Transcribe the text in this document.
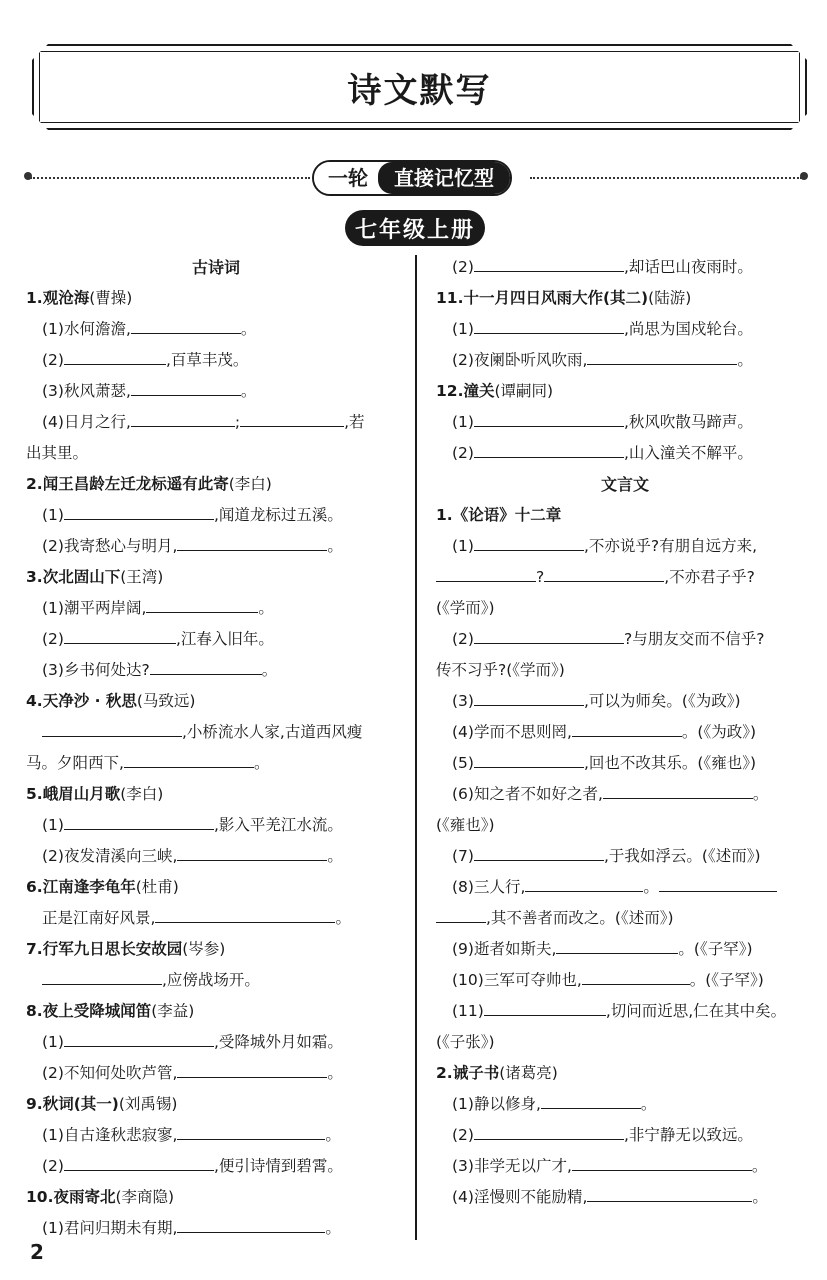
诗文默写
一轮	直接记忆型
七年级上册
古诗词
1.观沧海(曹操)
(1)水何澹澹,	。
(2)	,百草丰茂。
(3)秋风萧瑟,	。
(4)日月之行,	;	,若
出其里。
2.闻王昌龄左迁龙标遥有此寄(李白)
(1)	,闻道龙标过五溪。
(2)我寄愁心与明月,	。
3.次北固山下(王湾)
(1)潮平两岸阔,	。
(2)	,江春入旧年。
(3)乡书何处达?	。
4.天净沙 · 秋思(马致远)
,小桥流水人家,古道西风瘦
马。夕阳西下,	。
5.峨眉山月歌(李白)
(1)	,影入平羌江水流。
(2)夜发清溪向三峡,	。
6.江南逢李龟年(杜甫)
正是江南好风景,	。
7.行军九日思长安故园(岑参)
,应傍战场开。
8.夜上受降城闻笛(李益)
(1)	,受降城外月如霜。
(2)不知何处吹芦管,	。
9.秋词(其一)(刘禹锡)
(1)自古逢秋悲寂寥,	。
(2)	,便引诗情到碧霄。
10.夜雨寄北(李商隐)
(1)君问归期未有期,	。
(2)	,却话巴山夜雨时。
11.十一月四日风雨大作(其二)(陆游)
(1)	,尚思为国戍轮台。
(2)夜阑卧听风吹雨,	。
12.潼关(谭嗣同)
(1)	,秋风吹散马蹄声。
(2)	,山入潼关不解平。
文言文
1.《论语》十二章
(1)	,不亦说乎?有朋自远方来,
?	,不亦君子乎?
(《学而》)
(2)	?与朋友交而不信乎?
传不习乎?(《学而》)
(3)	,可以为师矣。(《为政》)
(4)学而不思则罔,	。(《为政》)
(5)	,回也不改其乐。(《雍也》)
(6)知之者不如好之者,	。
(《雍也》)
(7)	,于我如浮云。(《述而》)
(8)三人行,	。
,其不善者而改之。(《述而》)
(9)逝者如斯夫,	。(《子罕》)
(10)三军可夺帅也,	。(《子罕》)
(11)	,切问而近思,仁在其中矣。
(《子张》)
2.诫子书(诸葛亮)
(1)静以修身,	。
(2)	,非宁静无以致远。
(3)非学无以广才,	。
(4)淫慢则不能励精,	。
2
